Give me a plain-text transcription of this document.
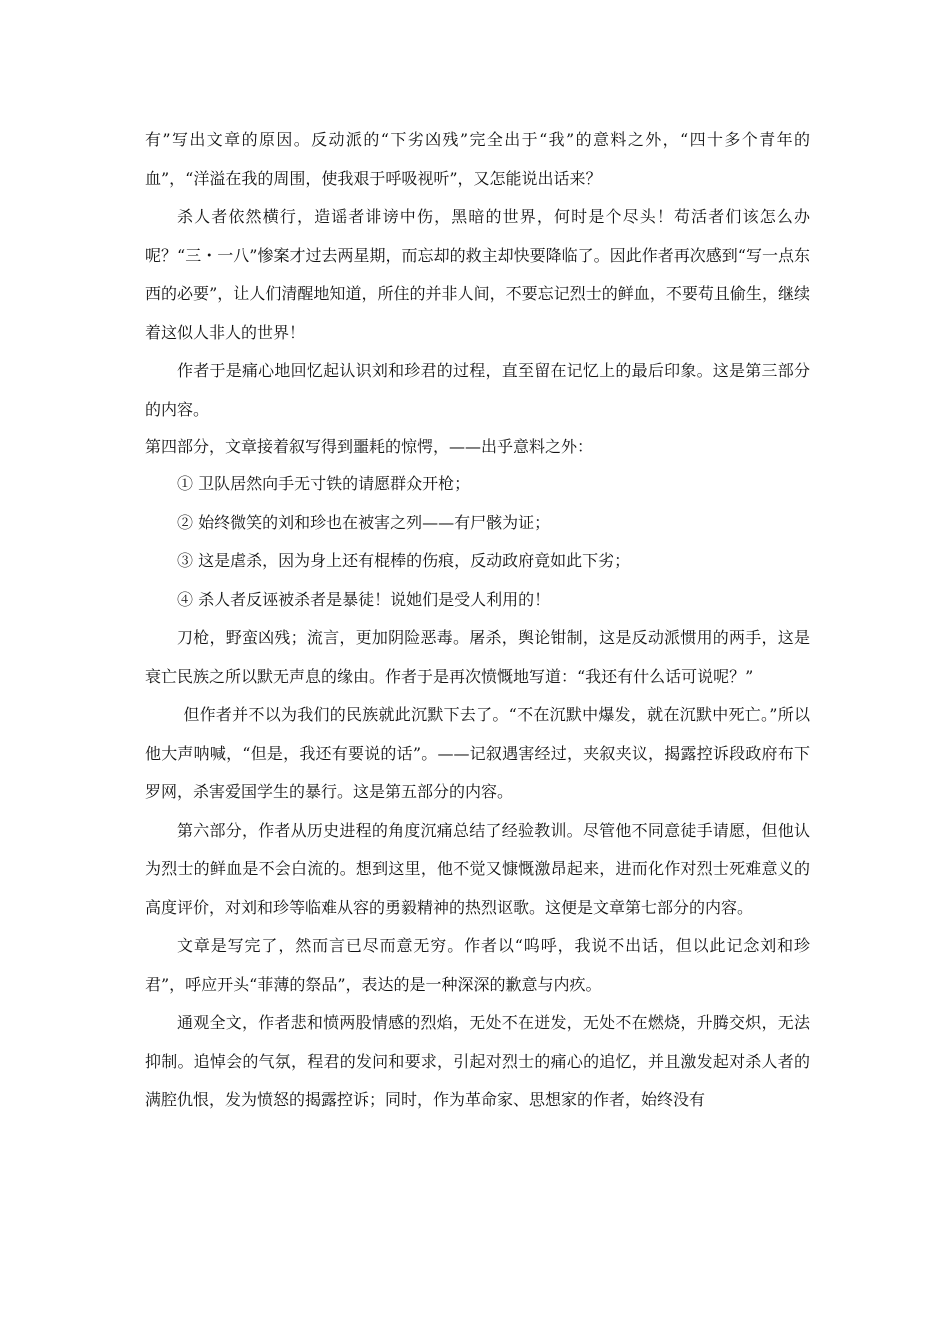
有”写出文章的原因。反动派的“下劣凶残”完全出于“我”的意料之外，“四十多个青年的血”，“洋溢在我的周围，使我艰于呼吸视听”，又怎能说出话来？

杀人者依然横行，造谣者诽谤中伤，黑暗的世界，何时是个尽头！苟活者们该怎么办呢？“三・一八”惨案才过去两星期，而忘却的救主却快要降临了。因此作者再次感到“写一点东西的必要”，让人们清醒地知道，所住的并非人间，不要忘记烈士的鲜血，不要苟且偷生，继续着这似人非人的世界！

作者于是痛心地回忆起认识刘和珍君的过程，直至留在记忆上的最后印象。这是第三部分的内容。

第四部分，文章接着叙写得到噩耗的惊愕，——出乎意料之外：

① 卫队居然向手无寸铁的请愿群众开枪；

② 始终微笑的刘和珍也在被害之列——有尸骸为证；

③ 这是虐杀，因为身上还有棍棒的伤痕，反动政府竟如此下劣；

④ 杀人者反诬被杀者是暴徒！说她们是受人利用的！

刀枪，野蛮凶残；流言，更加阴险恶毒。屠杀，舆论钳制，这是反动派惯用的两手，这是衰亡民族之所以默无声息的缘由。作者于是再次愤慨地写道：“我还有什么话可说呢？”

但作者并不以为我们的民族就此沉默下去了。“不在沉默中爆发，就在沉默中死亡。”所以他大声呐喊，“但是，我还有要说的话”。——记叙遇害经过，夹叙夹议，揭露控诉段政府布下罗网，杀害爱国学生的暴行。这是第五部分的内容。

第六部分，作者从历史进程的角度沉痛总结了经验教训。尽管他不同意徒手请愿，但他认为烈士的鲜血是不会白流的。想到这里，他不觉又慷慨激昂起来，进而化作对烈士死难意义的高度评价，对刘和珍等临难从容的勇毅精神的热烈讴歌。这便是文章第七部分的内容。

文章是写完了，然而言已尽而意无穷。作者以“呜呼，我说不出话，但以此记念刘和珍君”，呼应开头“菲薄的祭品”，表达的是一种深深的歉意与内疚。

通观全文，作者悲和愤两股情感的烈焰，无处不在迸发，无处不在燃烧，升腾交炽，无法抑制。追悼会的气氛，程君的发问和要求，引起对烈士的痛心的追忆，并且激发起对杀人者的满腔仇恨，发为愤怒的揭露控诉；同时，作为革命家、思想家的作者，始终没有
